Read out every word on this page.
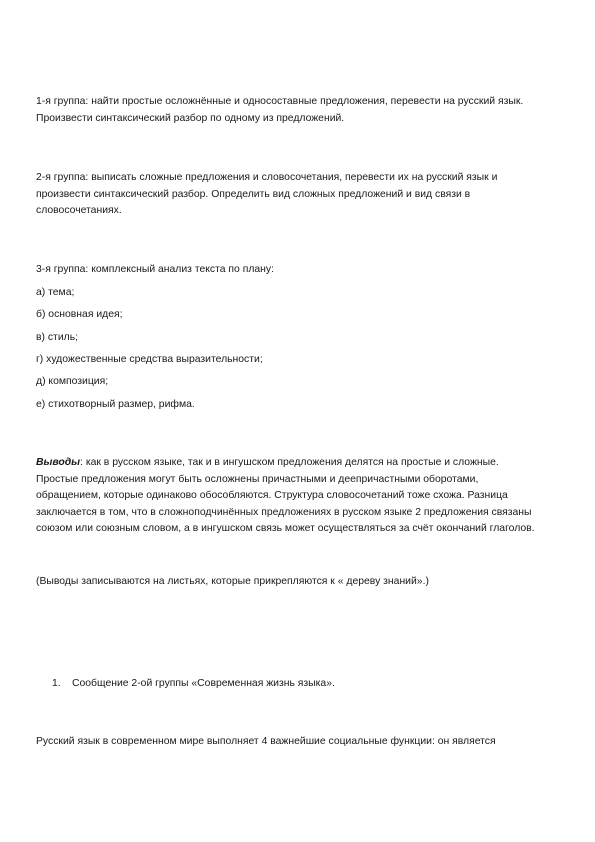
1-я группа: найти простые осложнённые и односоставные предложения, перевести на русский язык.
Произвести синтаксический разбор по одному из предложений.
2-я группа: выписать сложные предложения и словосочетания, перевести их на русский язык и
произвести синтаксический разбор. Определить вид сложных предложений и вид связи в
словосочетаниях.

3-я группа: комплексный анализ текста по плану:

а) тема;

б) основная идея;

в) стиль;

г) художественные средства выразительности;

д) композиция;

е) стихотворный размер, рифма.

Выводы: как в русском языке, так и в ингушском предложения делятся на простые и сложные.
Простые предложения могут быть осложнены причастными и деепричастными оборотами,
обращением, которые одинаково обособляются. Структура словосочетаний тоже схожа. Разница
заключается в том, что в сложноподчинённых предложениях в русском языке 2 предложения связаны
союзом или союзным словом, а в ингушском связь может осуществляться за счёт окончаний глаголов.

(Выводы записываются на листьях, которые прикрепляются к « дереву знаний».)

1. Сообщение 2-ой группы «Современная жизнь языка».

Русский язык в современном мире выполняет 4 важнейшие социальные функции: он является
